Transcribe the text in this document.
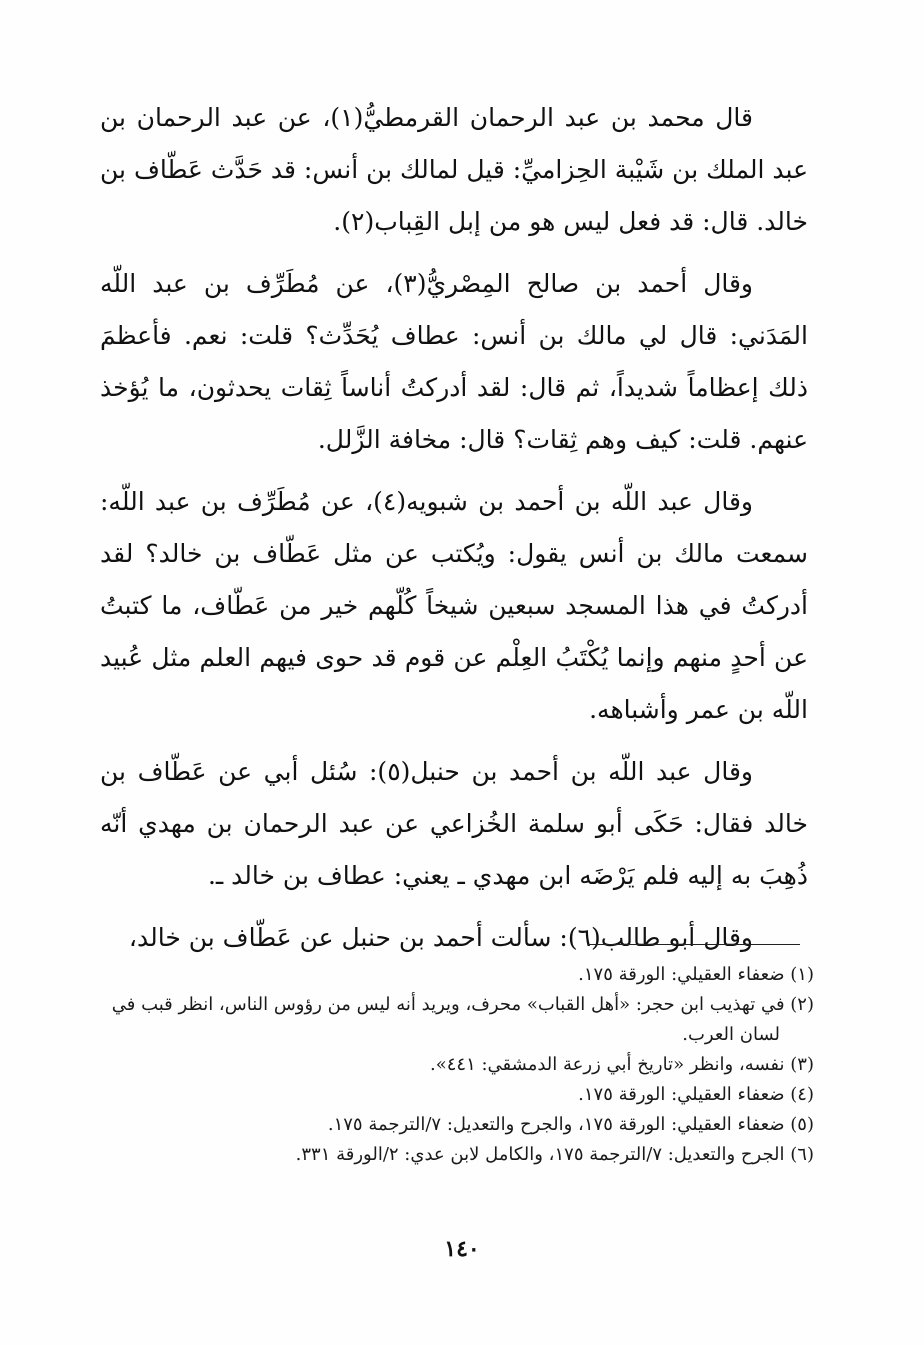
قال محمد بن عبد الرحمان القرمطيُّ(١)، عن عبد الرحمان بن عبد الملك بن شَيْبة الحِزاميِّ: قيل لمالك بن أنس: قد حَدَّث عَطّاف بن خالد. قال: قد فعل ليس هو من إبل القِباب(٢).

وقال أحمد بن صالح المِصْريُّ(٣)، عن مُطَرِّف بن عبد اللّه المَدَني: قال لي مالك بن أنس: عطاف يُحَدِّث؟ قلت: نعم. فأعظمَ ذلك إعظاماً شديداً، ثم قال: لقد أدركتُ أناساً ثِقات يحدثون، ما يُؤخذ عنهم. قلت: كيف وهم ثِقات؟ قال: مخافة الزَّلل.

وقال عبد اللّه بن أحمد بن شبويه(٤)، عن مُطَرِّف بن عبد اللّه: سمعت مالك بن أنس يقول: ويُكتب عن مثل عَطّاف بن خالد؟ لقد أدركتُ في هذا المسجد سبعين شيخاً كُلّهم خير من عَطّاف، ما كتبتُ عن أحدٍ منهم وإنما يُكْتَبُ العِلْم عن قوم قد حوى فيهم العلم مثل عُبيد اللّه بن عمر وأشباهه.

وقال عبد اللّه بن أحمد بن حنبل(٥): سُئل أبي عن عَطّاف بن خالد فقال: حَكَى أبو سلمة الخُزاعي عن عبد الرحمان بن مهدي أنّه ذُهِبَ به إليه فلم يَرْضَه ابن مهدي ـ يعني: عطاف بن خالد ـ.

وقال أبو طالب(٦): سألت أحمد بن حنبل عن عَطّاف بن خالد،

(١) ضعفاء العقيلي: الورقة ١٧٥.

(٢) في تهذيب ابن حجر: «أهل القباب» محرف، ويريد أنه ليس من رؤوس الناس، انظر قبب في لسان العرب.

(٣) نفسه، وانظر «تاريخ أبي زرعة الدمشقي: ٤٤١».

(٤) ضعفاء العقيلي: الورقة ١٧٥.

(٥) ضعفاء العقيلي: الورقة ١٧٥، والجرح والتعديل: ٧/الترجمة ١٧٥.

(٦) الجرح والتعديل: ٧/الترجمة ١٧٥، والكامل لابن عدي: ٢/الورقة ٣٣١.

١٤٠
